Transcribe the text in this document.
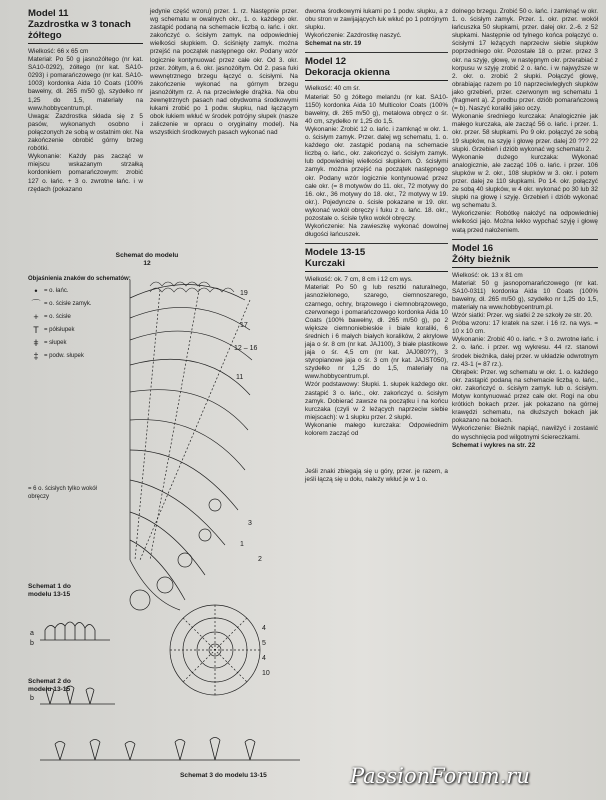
Model 11
Zazdrostka w 3 tonach żółtego

Wielkość: 66 x 65 cm

Materiał: Po 50 g jasnożółtego (nr kat. SA10-0292), żółtego (nr kat. SA10-0293) i pomarańczowego (nr kat. SA10-1003) kordonka Aida 10 Coats (100% bawełny, dł. 265 m/50 g), szydełko nr 1,25 do 1,5, materiały na www.hobbycentrum.pl.

Uwaga: Zazdrostka składa się z 5 pasów, wykonanych osobno i połączonych ze sobą w ostatnim okr. Na zakończenie obrobić górny brzeg robótki.

Wykonanie: Każdy pas zacząć w miejscu wskazanym strzałką kordonkiem pomarańczowym: zrobić 127 o. łańc. + 3 o. zwrotne łańc. i w rzędach (pokazano

jedynie część wzoru) przer. 1. rz. Następnie przer. wg schematu w owalnych okr., 1. o. każdego okr. zastąpić podaną na schemacie liczbą o. łańc. i okr. zakończyć o. ścisłym zamyk. na odpowiedniej wielkości słupkiem. O. ściśnięty zamyk. można przejść na początek następnego okr. Podany wzór logicznie kontynuować przez całe okr. Od 3. okr. przer. żółtym, a 6. okr. jasnożółtym. Od 2. pasa fuki wewnętrznego brzegu łączyć o. ścisłymi. Na zakończenie wykonać na górnym brzegu jasnożółtym rz. A na przeciwległe drążka. Na obu zewnętrznych pasach nad obydwoma środkowymi łukami zrobić po 1 podw. słupku, nad łączącym obok łukiem wkłuć w środek potrójny słupek (nasze zaliczenie w opracu o oryginalny model). Na wszystkich środkowych pasach wykonać nad

dwoma środkowymi łukami po 1 podw. słupku, a z obu stron w zawijających łuk wkłuć po 1 potrójnym słupku.

Wykończenie: Zazdrostkę naszyć.

Schemat na str. 19

Model 12
Dekoracja okienna

Wielkość: 40 cm śr.

Materiał: 50 g żółtego melanżu (nr kat. SA10-1150) kordonka Aida 10 Multicolor Coats (100% bawełny, dł. 265 m/50 g), metalowa obręcz o śr. 40 cm, szydełko nr 1,25 do 1,5.

Wykonanie: Zrobić 12 o. łańc. i zamknąć w okr. 1. o. ścisłym zamyk. Przer. dalej wg schematu, 1. o. każdego okr. zastąpić podaną na schemacie liczbą o. łańc., okr. zakończyć o. ścisłym zamyk. lub odpowiedniej wielkości słupkiem. O. ścisłymi zamyk. można przejść na początek następnego okr. Podany wzór logicznie kontynuować przez całe okr. (= 8 motywów do 11. okr., 72 motywy do 16. okr., 36 motywy do 18. okr., 72 motywy w 19. okr.). Pojedyncze o. ścisłe pokazane w 19. okr. wykonać wokół obręczy i fuku z o. łańc. 18. okr., pozostałe o. ścisłe tylko wokół obręczy.

Wykończenie: Na zawieszkę wykonać dowolnej długości łańcuszek.

Modele 13-15
Kurczaki

Wielkość: ok. 7 cm, 8 cm i 12 cm wys.

Materiał: Po 50 g lub resztki naturalnego, jasnozielonego, szarego, ciemnoszarego, czarnego, ochry, brązowego i ciemnobrązowego, czerwonego i pomarańczowego kordonka Aida 10 Coats (100% bawełny, dł. 265 m/50 g), po 2 większe ciemnoniebieskie i białe koraliki, 6 średnich i 6 małych białych koralików, 2 akrylowe jaja o śr. 8 cm (nr kat. JAJ100), 3 białe plastikowe jaja o śr. 4,5 cm (nr kat. JAJ080??), 3 styropianowe jaja o śr. 3 cm (nr kat. JAJST050), szydełko nr 1,25 do 1,5, materiały na www.hobbycentrum.pl.

Wzór podstawowy: Słupki. 1. słupek każdego okr. zastąpić 3 o. łańc., okr. zakończyć o. ścisłym zamyk. Dobierać zawsze na początku i na końcu kurczaka (czyli w 2 leżących naprzeciw siebie miejscach): w 1 słupku przer. 2 słupki.

Wykonanie małego kurczaka: Odpowiednim kolorem zacząć od

Jeśli znaki zbiegają się u góry, przer. je razem, a jeśli łączą się u dołu, należy wkłuć je w 1 o.

dolnego brzegu. Zrobić 50 o. łańc. i zamknąć w okr. 1. o. ścisłym zamyk. Przer. 1. okr. przer. wokół łańcuszka 50 słupkami, przer. dalej okr. 2.-6. z 52 słupkami. Następnie od tylnego końca połączyć o. ścisłymi 17 leżących naprzeciw siebie słupków poprzedniego okr. Pozostałe 18 o. przer. przez 3 okr. na szyję, głowę, w następnym okr. przerabiać z korpusu w szyję zrobić 2 o. łańc. i w najwyższe w 2. okr. o. zrobić 2 słupki. Połączyć głowę, obrabiając razem po 10 naprzeciwległych słupków jako grzebień, przer. czerwonym wg schematu 1 (fragment a). Z prodbu przer. dziób pomarańczową (= b). Naszyć koraliki jako oczy.

Wykonanie średniego kurczaka: Analogicznie jak małego kurczaka, ale zacząć 56 o. łańc. i przer. 1. okr. przer. 58 słupkami. Po 9 okr. połączyć ze sobą 19 słupków, na szyję i głowę przer. dalej 20 ??? 22 słupki. Grzebień i dziób wykonać wg schematu 2.

Wykonanie dużego kurczaka: Wykonać analogicznie, ale zacząć 106 o. łańc. i przer. 106 słupków w 2. okr., 108 słupków w 3. okr. i potem przer. dalej ze 110 słupkami. Po 14. okr. połączyć ze sobą 40 słupków, w 4 okr. wykonać po 30 lub 32 słupki na głowę i szyję. Grzebień i dziób wykonać wg schematu 3.

Wykończenie: Robótkę nałożyć na odpowiedniej wielkości jajo. Można lekko wypchać szyję i głowę watą przed nałożeniem.

Model 16
Żółty bieżnik

Wielkość: ok. 13 x 81 cm

Materiał: 50 g jasnopomarańczowego (nr kat. SA10-0311) kordonka Aida 10 Coats (100% bawełny, dł. 265 m/50 g), szydełko nr 1,25 do 1,5, materiały na www.hobbycentrum.pl.

Wzór siatki: Przer. wg siatki 2 ze szkoły ze str. 20.

Próba wzoru: 17 kratek na szer. i 16 rz. na wys. = 10 x 10 cm.

Wykonanie: Zrobić 40 o. łańc. + 3 o. zwrotne łańc. i 2. o. łańc. i przer. wg wykresu. 44 rz. stanowi środek bieżnika, dalej przer. w układzie odwrotnym rz. 43-1 (= 87 rz.).

Obrąbek: Przer. wg schematu w okr. 1. o. każdego okr. zastąpić podaną na schemacie liczbą o. łańc., okr. zakończyć o. ścisłym zamyk. lub o. ścisłym. Motyw kontynuować przez całe okr. Rogi na obu krótkich bokach przer. jak pokazano na górnej krawędzi schematu, na dłuższych bokach jak pokazano na bokach.

Wykończenie: Bieżnik napiąć, nawilżyć i zostawić do wyschnięcia pod wilgotnymi ściereczkami.

Schemat i wykres na str. 22

Objaśnienia znaków do schematów:
•	= o. łańc.
⌒ = o. ścisłe zamyk.
+ = o. ścisłe
T = półsłupek
ǂ = słupek
‡ = podw. słupek
= 6 o. ścisłych tylko wokół obręczy
Schemat do modelu 12
Schemat 1 do modelu 13-15
Schemat 2 do modelu 13-15
Schemat 3 do modelu 13-15
19
17
12 – 16
11
3
1
2
4
5
4
10
a
b
b
PassionForum.ru
